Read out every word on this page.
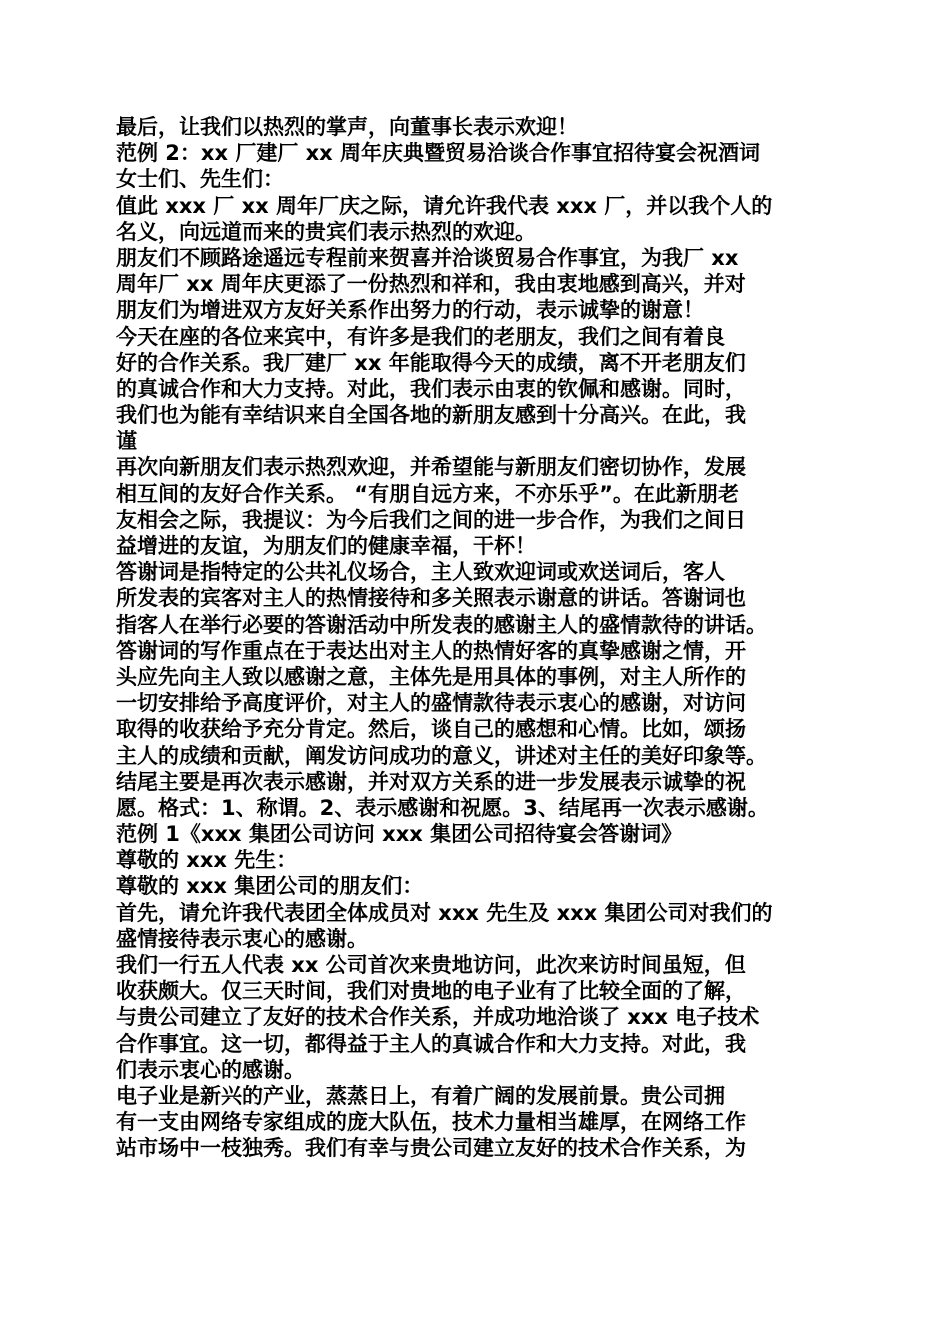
最后，让我们以热烈的掌声，向董事长表示欢迎！
范例 2：xx 厂建厂 xx 周年庆典暨贸易洽谈合作事宜招待宴会祝酒词
女士们、先生们：
值此 xxx 厂 xx 周年厂庆之际，请允许我代表 xxx 厂，并以我个人的
名义，向远道而来的贵宾们表示热烈的欢迎。
朋友们不顾路途遥远专程前来贺喜并洽谈贸易合作事宜，为我厂 xx
周年厂 xx 周年庆更添了一份热烈和祥和，我由衷地感到高兴，并对
朋友们为增进双方友好关系作出努力的行动，表示诚挚的谢意！
今天在座的各位来宾中，有许多是我们的老朋友，我们之间有着良
好的合作关系。我厂建厂 xx 年能取得今天的成绩，离不开老朋友们
的真诚合作和大力支持。对此，我们表示由衷的钦佩和感谢。同时，
我们也为能有幸结识来自全国各地的新朋友感到十分高兴。在此，我
谨
再次向新朋友们表示热烈欢迎，并希望能与新朋友们密切协作，发展
相互间的友好合作关系。 “有朋自远方来，不亦乐乎”。在此新朋老
友相会之际，我提议：为今后我们之间的进一步合作，为我们之间日
益增进的友谊，为朋友们的健康幸福，干杯！
答谢词是指特定的公共礼仪场合，主人致欢迎词或欢送词后，客人
所发表的宾客对主人的热情接待和多关照表示谢意的讲话。答谢词也
指客人在举行必要的答谢活动中所发表的感谢主人的盛情款待的讲话。
答谢词的写作重点在于表达出对主人的热情好客的真挚感谢之情，开
头应先向主人致以感谢之意，主体先是用具体的事例，对主人所作的
一切安排给予高度评价，对主人的盛情款待表示衷心的感谢，对访问
取得的收获给予充分肯定。然后，谈自己的感想和心情。比如，颂扬
主人的成绩和贡献，阐发访问成功的意义，讲述对主任的美好印象等。
结尾主要是再次表示感谢，并对双方关系的进一步发展表示诚挚的祝
愿。格式：1、称谓。2、表示感谢和祝愿。3、结尾再一次表示感谢。
范例 1《xxx 集团公司访问 xxx 集团公司招待宴会答谢词》
尊敬的 xxx 先生：
尊敬的 xxx 集团公司的朋友们：
首先，请允许我代表团全体成员对 xxx 先生及 xxx 集团公司对我们的
盛情接待表示衷心的感谢。
我们一行五人代表 xx 公司首次来贵地访问，此次来访时间虽短，但
收获颇大。仅三天时间，我们对贵地的电子业有了比较全面的了解，
与贵公司建立了友好的技术合作关系，并成功地洽谈了 xxx 电子技术
合作事宜。这一切，都得益于主人的真诚合作和大力支持。对此，我
们表示衷心的感谢。
电子业是新兴的产业，蒸蒸日上，有着广阔的发展前景。贵公司拥
有一支由网络专家组成的庞大队伍，技术力量相当雄厚，在网络工作
站市场中一枝独秀。我们有幸与贵公司建立友好的技术合作关系，为
